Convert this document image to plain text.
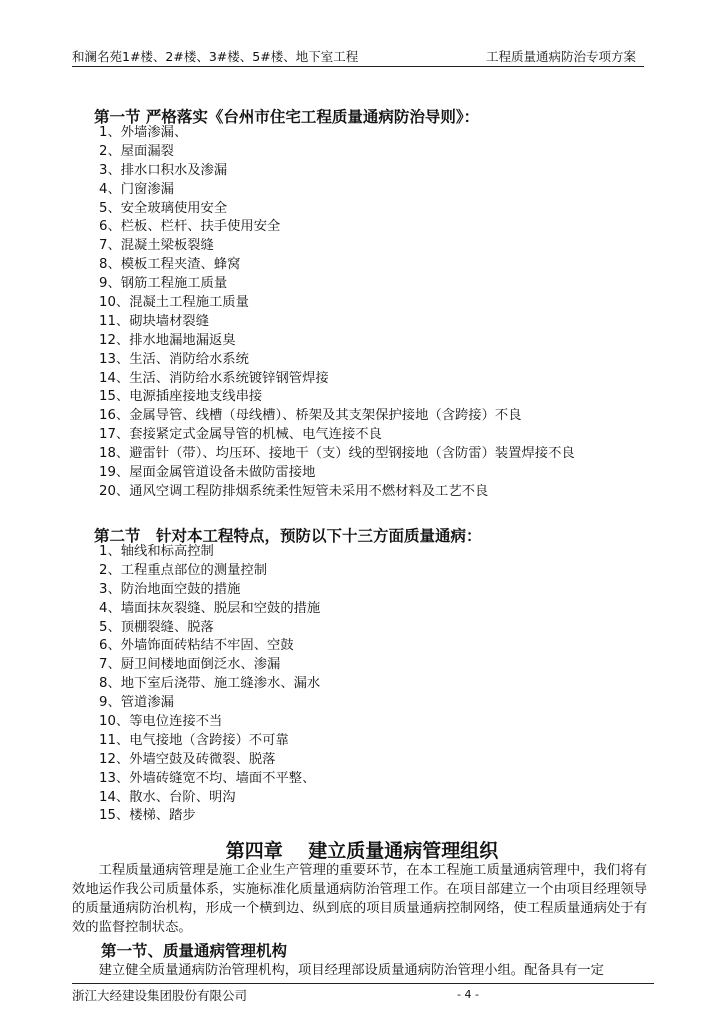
和澜名苑1#楼、2#楼、3#楼、5#楼、地下室工程	工程质量通病防治专项方案
第一节 严格落实《台州市住宅工程质量通病防治导则》：
1、外墙渗漏、
2、屋面漏裂
3、排水口积水及渗漏
4、门窗渗漏
5、安全玻璃使用安全
6、栏板、栏杆、扶手使用安全
7、混凝土梁板裂缝
8、模板工程夹渣、蜂窝
9、钢筋工程施工质量
10、混凝土工程施工质量
11、砌块墙材裂缝
12、排水地漏地漏返臭
13、生活、消防给水系统
14、生活、消防给水系统镀锌钢管焊接
15、电源插座接地支线串接
16、金属导管、线槽（母线槽）、桥架及其支架保护接地（含跨接）不良
17、套接紧定式金属导管的机械、电气连接不良
18、避雷针（带）、均压环、接地干（支）线的型钢接地（含防雷）装置焊接不良
19、屋面金属管道设备未做防雷接地
20、通风空调工程防排烟系统柔性短管未采用不燃材料及工艺不良
第二节　针对本工程特点，预防以下十三方面质量通病：
1、轴线和标高控制
2、工程重点部位的测量控制
3、防治地面空鼓的措施
4、墙面抹灰裂缝、脱层和空鼓的措施
5、顶棚裂缝、脱落
6、外墙饰面砖粘结不牢固、空鼓
7、厨卫间楼地面倒泛水、渗漏
8、地下室后浇带、施工缝渗水、漏水
9、管道渗漏
10、等电位连接不当
11、电气接地（含跨接）不可靠
12、外墙空鼓及砖微裂、脱落
13、外墙砖缝宽不均、墙面不平整、
14、散水、台阶、明沟
15、楼梯、踏步
第四章　 建立质量通病管理组织
工程质量通病管理是施工企业生产管理的重要环节，在本工程施工质量通病管理中，我们将有效地运作我公司质量体系，实施标准化质量通病防治管理工作。在项目部建立一个由项目经理领导的质量通病防治机构，形成一个横到边、纵到底的项目质量通病控制网络，使工程质量通病处于有效的监督控制状态。
第一节、质量通病管理机构
建立健全质量通病防治管理机构，项目经理部设质量通病防治管理小组。配备具有一定
浙江大经建设集团股份有限公司	- 4 -
